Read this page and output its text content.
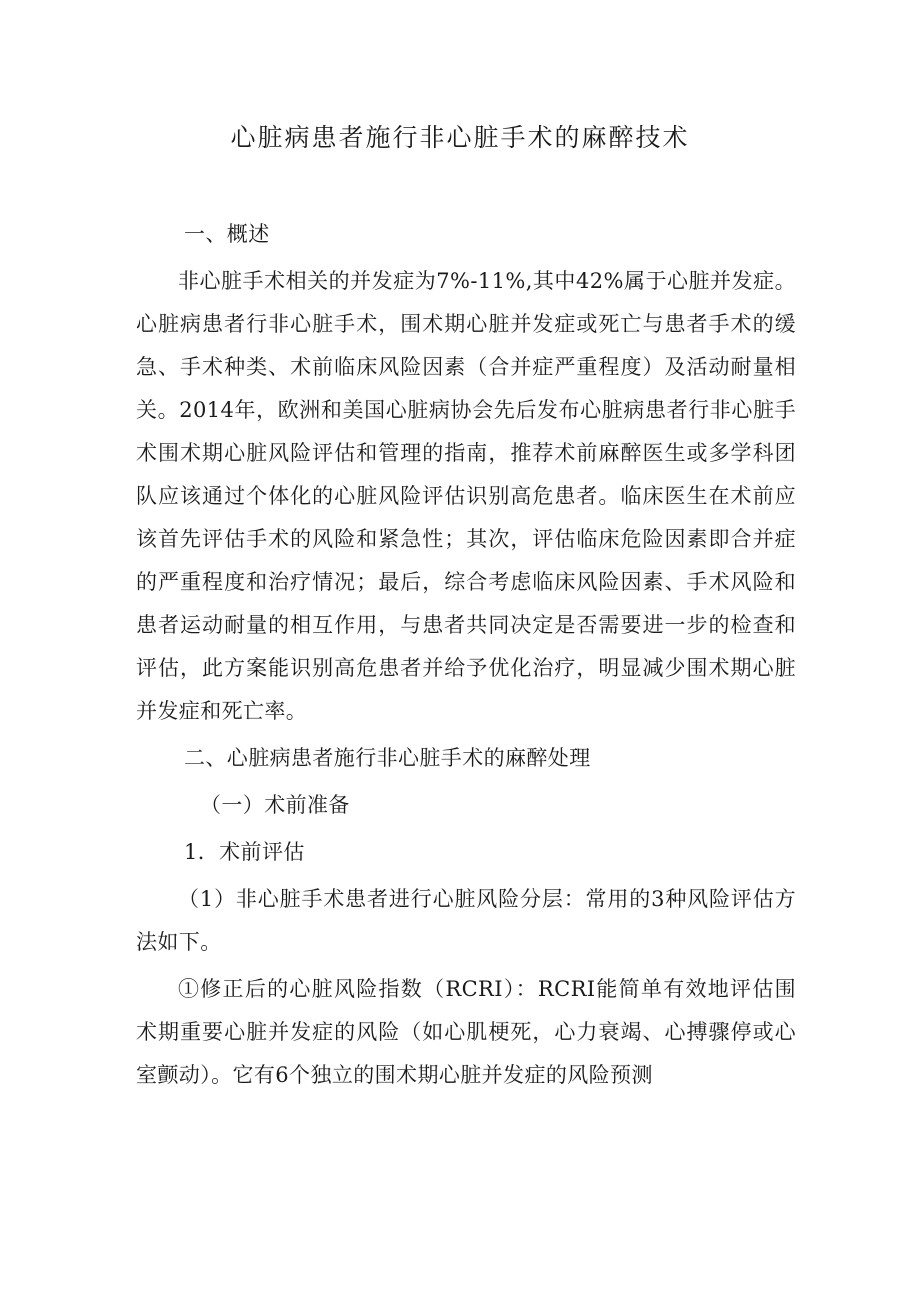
心脏病患者施行非心脏手术的麻醉技术

一、概述

非心脏手术相关的并发症为7%-11%,其中42%属于心脏并发症。心脏病患者行非心脏手术，围术期心脏并发症或死亡与患者手术的缓急、手术种类、术前临床风险因素（合并症严重程度）及活动耐量相关。2014年，欧洲和美国心脏病协会先后发布心脏病患者行非心脏手术围术期心脏风险评估和管理的指南，推荐术前麻醉医生或多学科团队应该通过个体化的心脏风险评估识别高危患者。临床医生在术前应该首先评估手术的风险和紧急性；其次，评估临床危险因素即合并症的严重程度和治疗情况；最后，综合考虑临床风险因素、手术风险和患者运动耐量的相互作用，与患者共同决定是否需要进一步的检查和评估，此方案能识别高危患者并给予优化治疗，明显减少围术期心脏并发症和死亡率。

二、心脏病患者施行非心脏手术的麻醉处理

（一）术前准备

1．术前评估

（1）非心脏手术患者进行心脏风险分层：常用的3种风险评估方法如下。

①修正后的心脏风险指数（RCRI）：RCRI能简单有效地评估围术期重要心脏并发症的风险（如心肌梗死，心力衰竭、心搏骤停或心室颤动）。它有6个独立的围术期心脏并发症的风险预测
